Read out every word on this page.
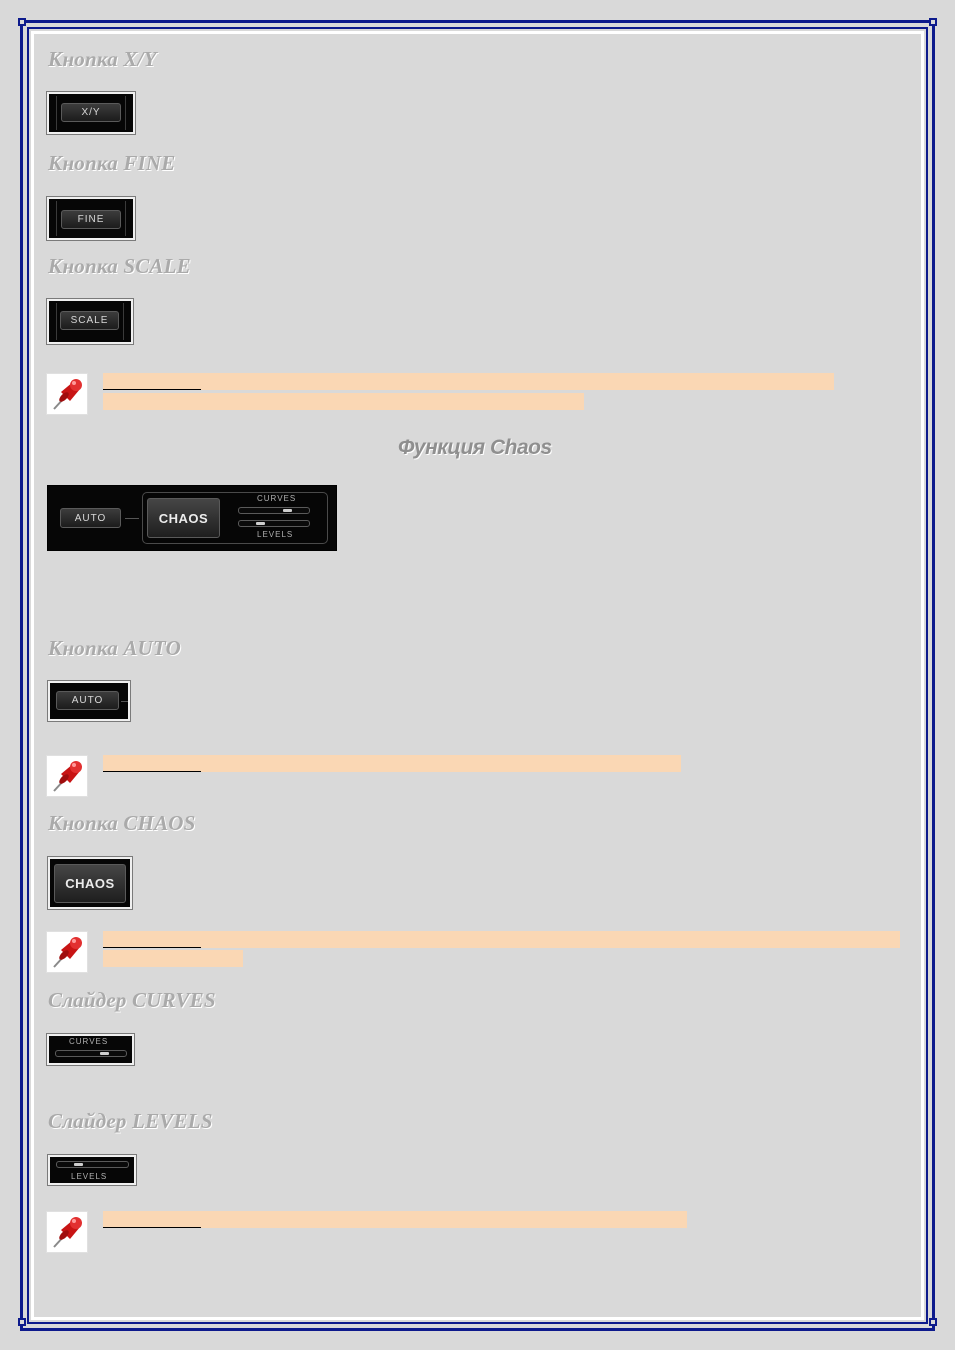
Кнопка X/Y
X/Y
Кнопка FINE
FINE
Кнопка SCALE
SCALE
Функция Chaos
AUTO	CHAOS
CURVES
LEVELS
Кнопка AUTO
AUTO
Кнопка CHAOS
CHAOS
Слайдер CURVES
CURVES
Слайдер LEVELS
LEVELS
